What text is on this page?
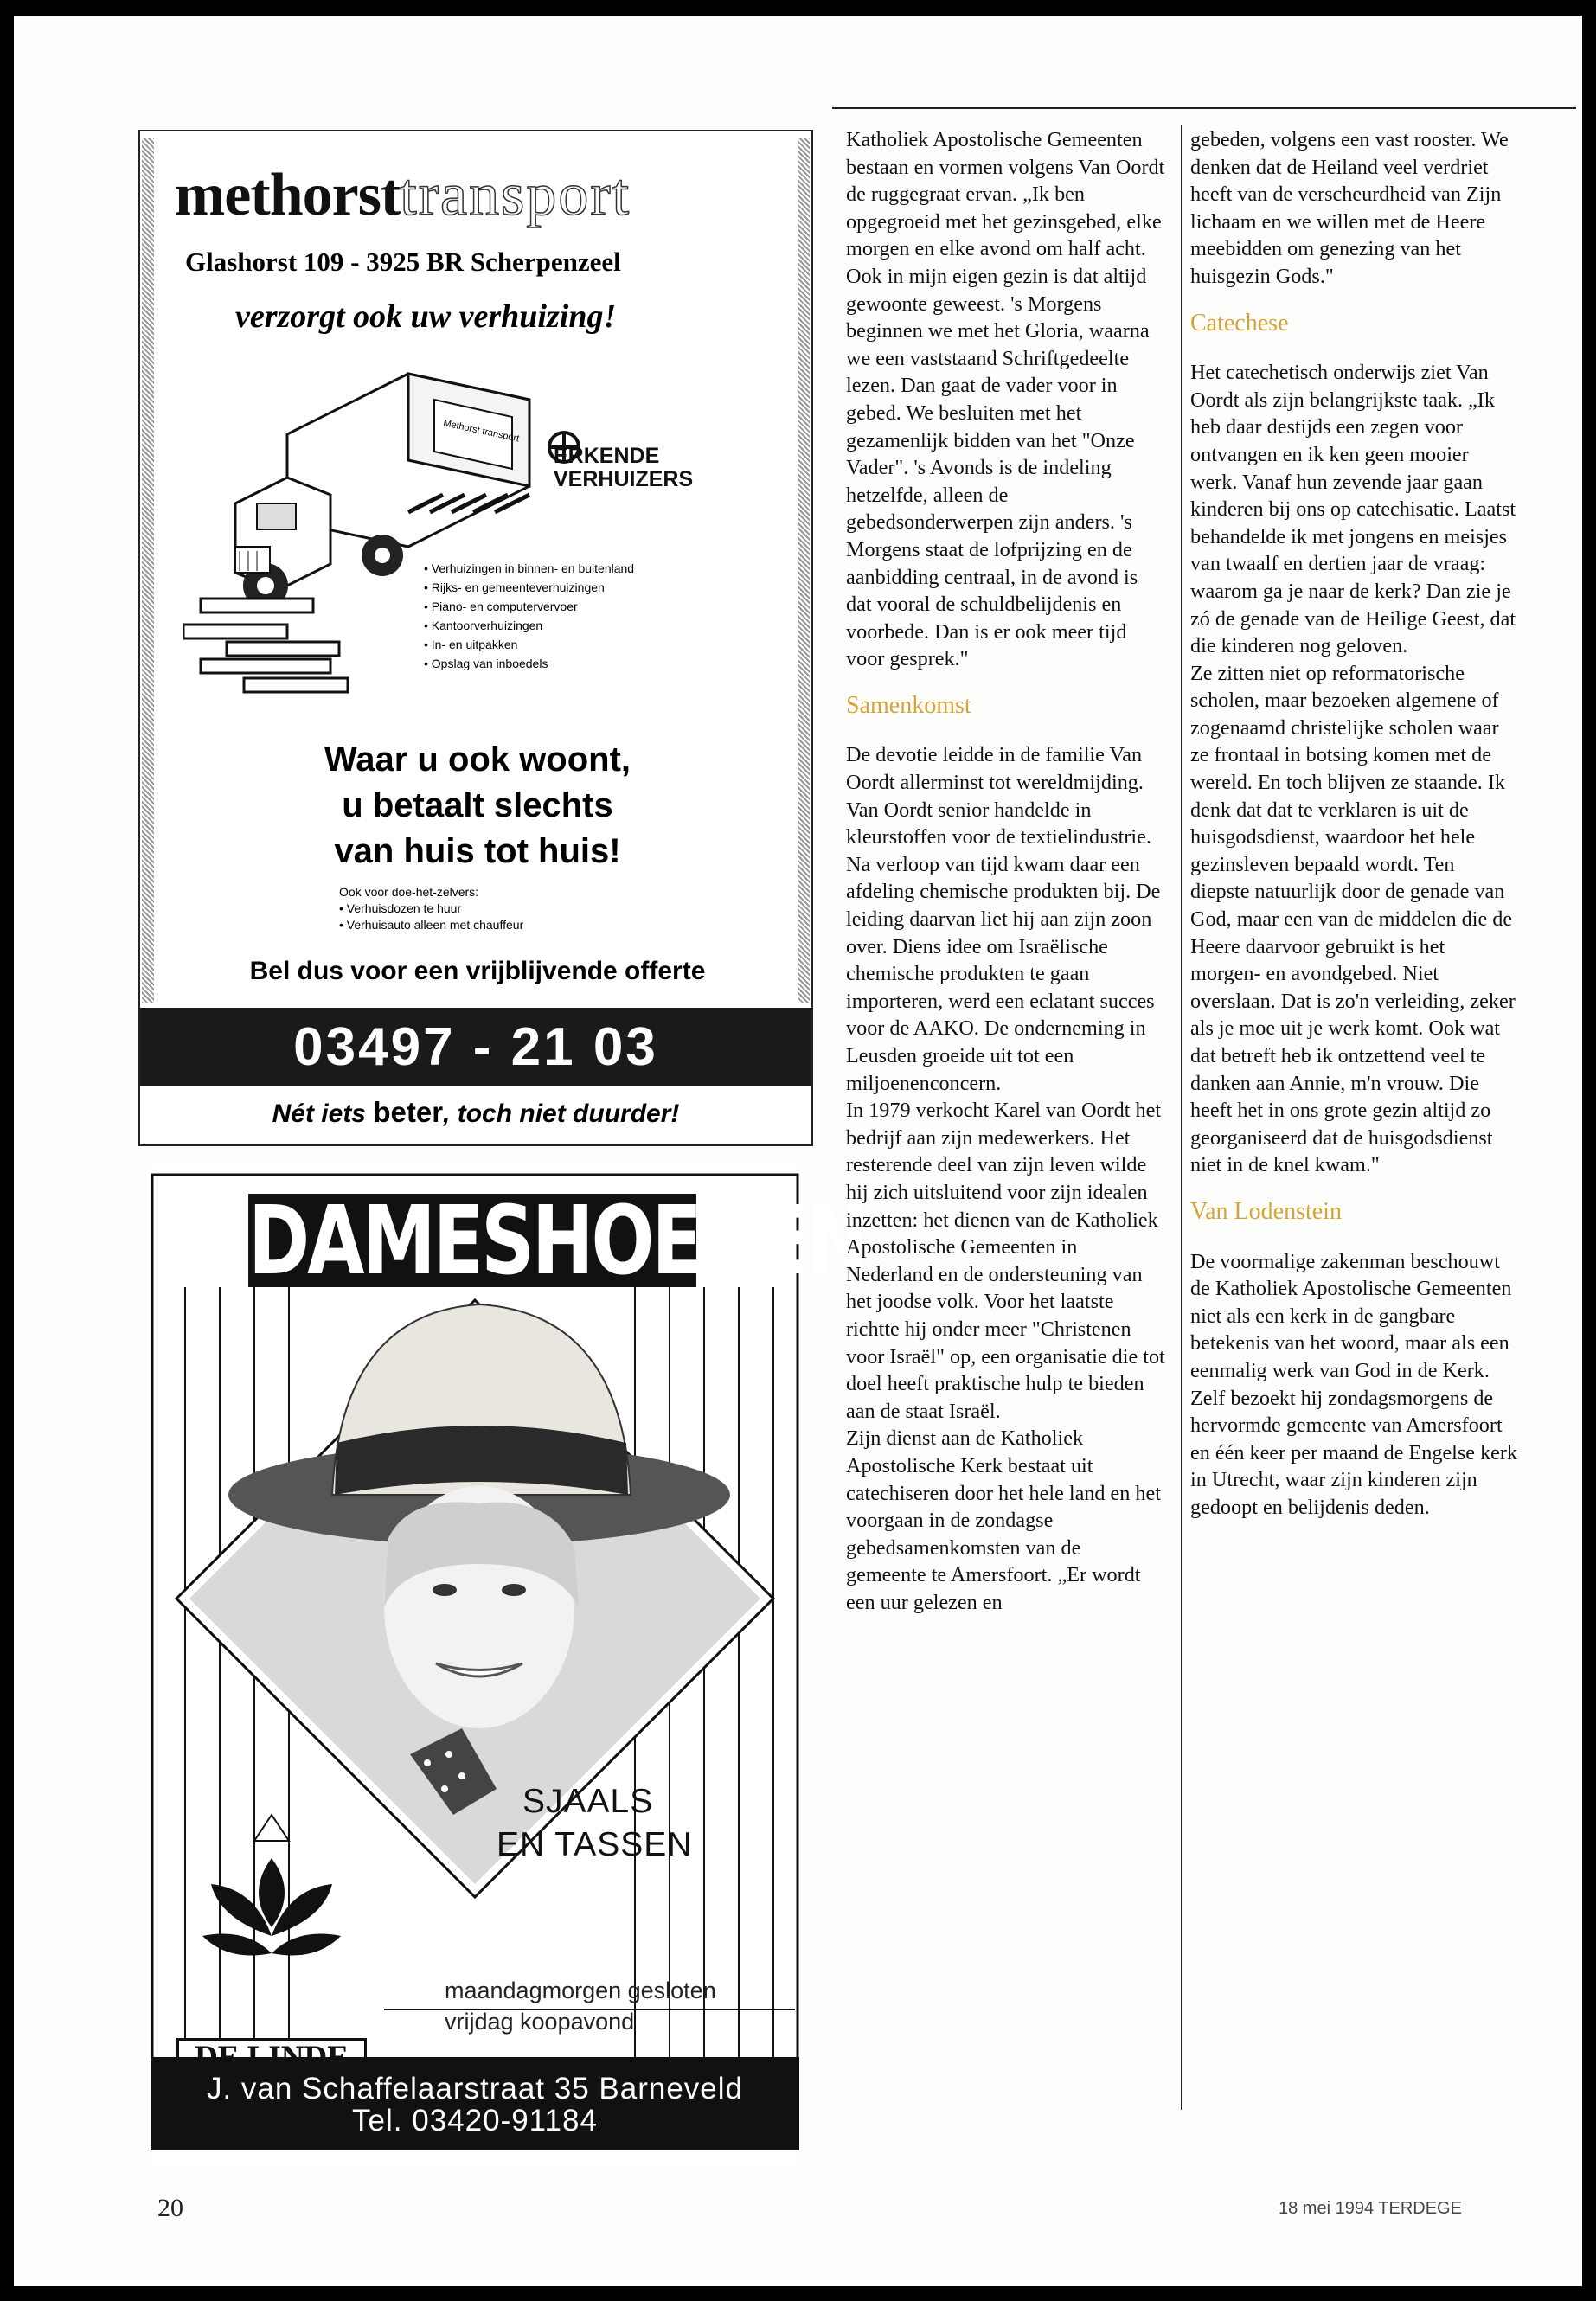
methorsttransport
Glashorst 109 - 3925 BR Scherpenzeel
verzorgt ook uw verhuizing!
Methorst transport
ERKENDE
VERHUIZERS
• Verhuizingen in binnen- en buitenland
• Rijks- en gemeenteverhuizingen
• Piano- en computervervoer
• Kantoorverhuizingen
• In- en uitpakken
• Opslag van inboedels
Waar u ook woont,
u betaalt slechts
van huis tot huis!
Ook voor doe-het-zelvers:
• Verhuisdozen te huur
• Verhuisauto alleen met chauffeur
Bel dus voor een vrijblijvende offerte
03497 - 21 03
Nét iets beter, toch niet duurder!
DAMESHOEDEN
SJAALS
EN TASSEN
maandagmorgen gesloten
vrijdag koopavond
J. van Schaffelaarstraat 35 Barneveld
Tel. 03420-91184

Katholiek Apostolische Gemeenten bestaan en vormen volgens Van Oordt de ruggegraat ervan. „Ik ben opgegroeid met het gezinsgebed, elke morgen en elke avond om half acht. Ook in mijn eigen gezin is dat altijd gewoonte geweest. 's Morgens beginnen we met het Gloria, waarna we een vaststaand Schriftgedeelte lezen. Dan gaat de vader voor in gebed. We besluiten met het gezamenlijk bidden van het "Onze Vader". 's Avonds is de indeling hetzelfde, alleen de gebedsonderwerpen zijn anders. 's Morgens staat de lofprijzing en de aanbidding centraal, in de avond is dat vooral de schuldbelijdenis en voorbede. Dan is er ook meer tijd voor gesprek."

Samenkomst

De devotie leidde in de familie Van Oordt allerminst tot wereldmijding. Van Oordt senior handelde in kleurstoffen voor de textielindustrie. Na verloop van tijd kwam daar een afdeling chemische produkten bij. De leiding daarvan liet hij aan zijn zoon over. Diens idee om Israëlische chemische produkten te gaan importeren, werd een eclatant succes voor de AAKO. De onderneming in Leusden groeide uit tot een miljoenenconcern.

In 1979 verkocht Karel van Oordt het bedrijf aan zijn medewerkers. Het resterende deel van zijn leven wilde hij zich uitsluitend voor zijn idealen inzetten: het dienen van de Katholiek Apostolische Gemeenten in Nederland en de ondersteuning van het joodse volk. Voor het laatste richtte hij onder meer "Christenen voor Israël" op, een organisatie die tot doel heeft praktische hulp te bieden aan de staat Israël.

Zijn dienst aan de Katholiek Apostolische Kerk bestaat uit catechiseren door het hele land en het voorgaan in de zondagse gebedsamenkomsten van de gemeente te Amersfoort. „Er wordt een uur gelezen en

gebeden, volgens een vast rooster. We denken dat de Heiland veel verdriet heeft van de verscheurdheid van Zijn lichaam en we willen met de Heere meebidden om genezing van het huisgezin Gods."

Catechese

Het catechetisch onderwijs ziet Van Oordt als zijn belangrijkste taak. „Ik heb daar destijds een zegen voor ontvangen en ik ken geen mooier werk. Vanaf hun zevende jaar gaan kinderen bij ons op catechisatie. Laatst behandelde ik met jongens en meisjes van twaalf en dertien jaar de vraag: waarom ga je naar de kerk? Dan zie je zó de genade van de Heilige Geest, dat die kinderen nog geloven.

Ze zitten niet op reformatorische scholen, maar bezoeken algemene of zogenaamd christelijke scholen waar ze frontaal in botsing komen met de wereld. En toch blijven ze staande. Ik denk dat dat te verklaren is uit de huisgodsdienst, waardoor het hele gezinsleven bepaald wordt. Ten diepste natuurlijk door de genade van God, maar een van de middelen die de Heere daarvoor gebruikt is het morgen- en avondgebed. Niet overslaan. Dat is zo'n verleiding, zeker als je moe uit je werk komt. Ook wat dat betreft heb ik ontzettend veel te danken aan Annie, m'n vrouw. Die heeft het in ons grote gezin altijd zo georganiseerd dat de huisgodsdienst niet in de knel kwam."

Van Lodenstein

De voormalige zakenman beschouwt de Katholiek Apostolische Gemeenten niet als een kerk in de gangbare betekenis van het woord, maar als een eenmalig werk van God in de Kerk. Zelf bezoekt hij zondagsmorgens de hervormde gemeente van Amersfoort en één keer per maand de Engelse kerk in Utrecht, waar zijn kinderen zijn gedoopt en belijdenis deden.

20	18 mei 1994 TERDEGE
